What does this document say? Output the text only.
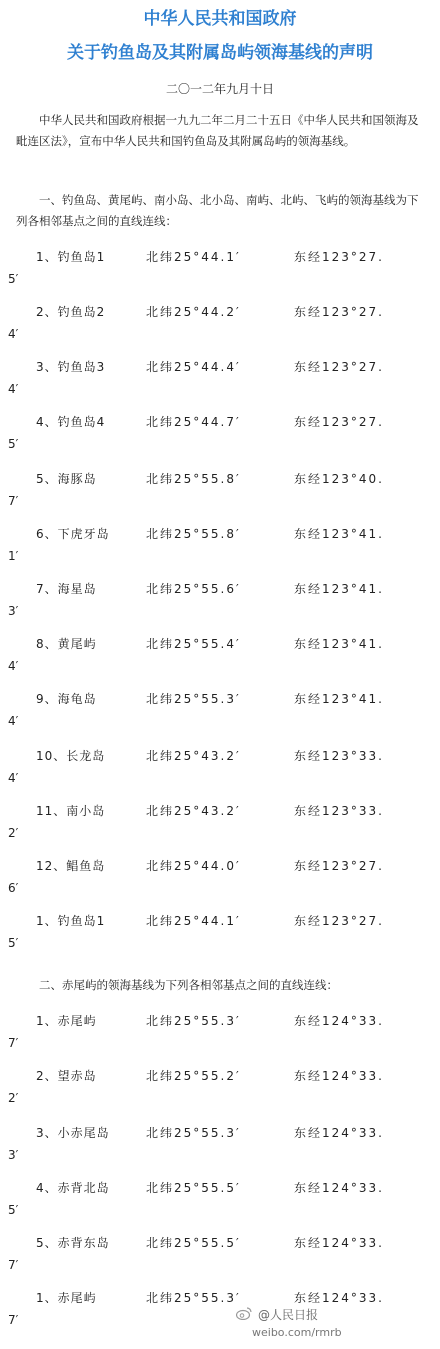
中华人民共和国政府
关于钓鱼岛及其附属岛屿领海基线的声明
二〇一二年九月十日
中华人民共和国政府根据一九九二年二月二十五日《中华人民共和国领海及毗连区法》，宣布中华人民共和国钓鱼岛及其附属岛屿的领海基线。
一、钓鱼岛、黄尾屿、南小岛、北小岛、南屿、北屿、飞屿的领海基线为下列各相邻基点之间的直线连线：
1、钓鱼岛1	北纬25°44.1′	东经123°27.
5′
2、钓鱼岛2	北纬25°44.2′	东经123°27.
4′
3、钓鱼岛3	北纬25°44.4′	东经123°27.
4′
4、钓鱼岛4	北纬25°44.7′	东经123°27.
5′
5、海豚岛	北纬25°55.8′	东经123°40.
7′
6、下虎牙岛	北纬25°55.8′	东经123°41.
1′
7、海星岛	北纬25°55.6′	东经123°41.
3′
8、黄尾屿	北纬25°55.4′	东经123°41.
4′
9、海龟岛	北纬25°55.3′	东经123°41.
4′
10、长龙岛	北纬25°43.2′	东经123°33.
4′
11、南小岛	北纬25°43.2′	东经123°33.
2′
12、鲳鱼岛	北纬25°44.0′	东经123°27.
6′
1、钓鱼岛1	北纬25°44.1′	东经123°27.
5′
二、赤尾屿的领海基线为下列各相邻基点之间的直线连线：
1、赤尾屿	北纬25°55.3′	东经124°33.
7′
2、望赤岛	北纬25°55.2′	东经124°33.
2′
3、小赤尾岛	北纬25°55.3′	东经124°33.
3′
4、赤背北岛	北纬25°55.5′	东经124°33.
5′
5、赤背东岛	北纬25°55.5′	东经124°33.
7′
1、赤尾屿	北纬25°55.3′	东经124°33.
7′	@人民日报
weibo.com/rmrb
